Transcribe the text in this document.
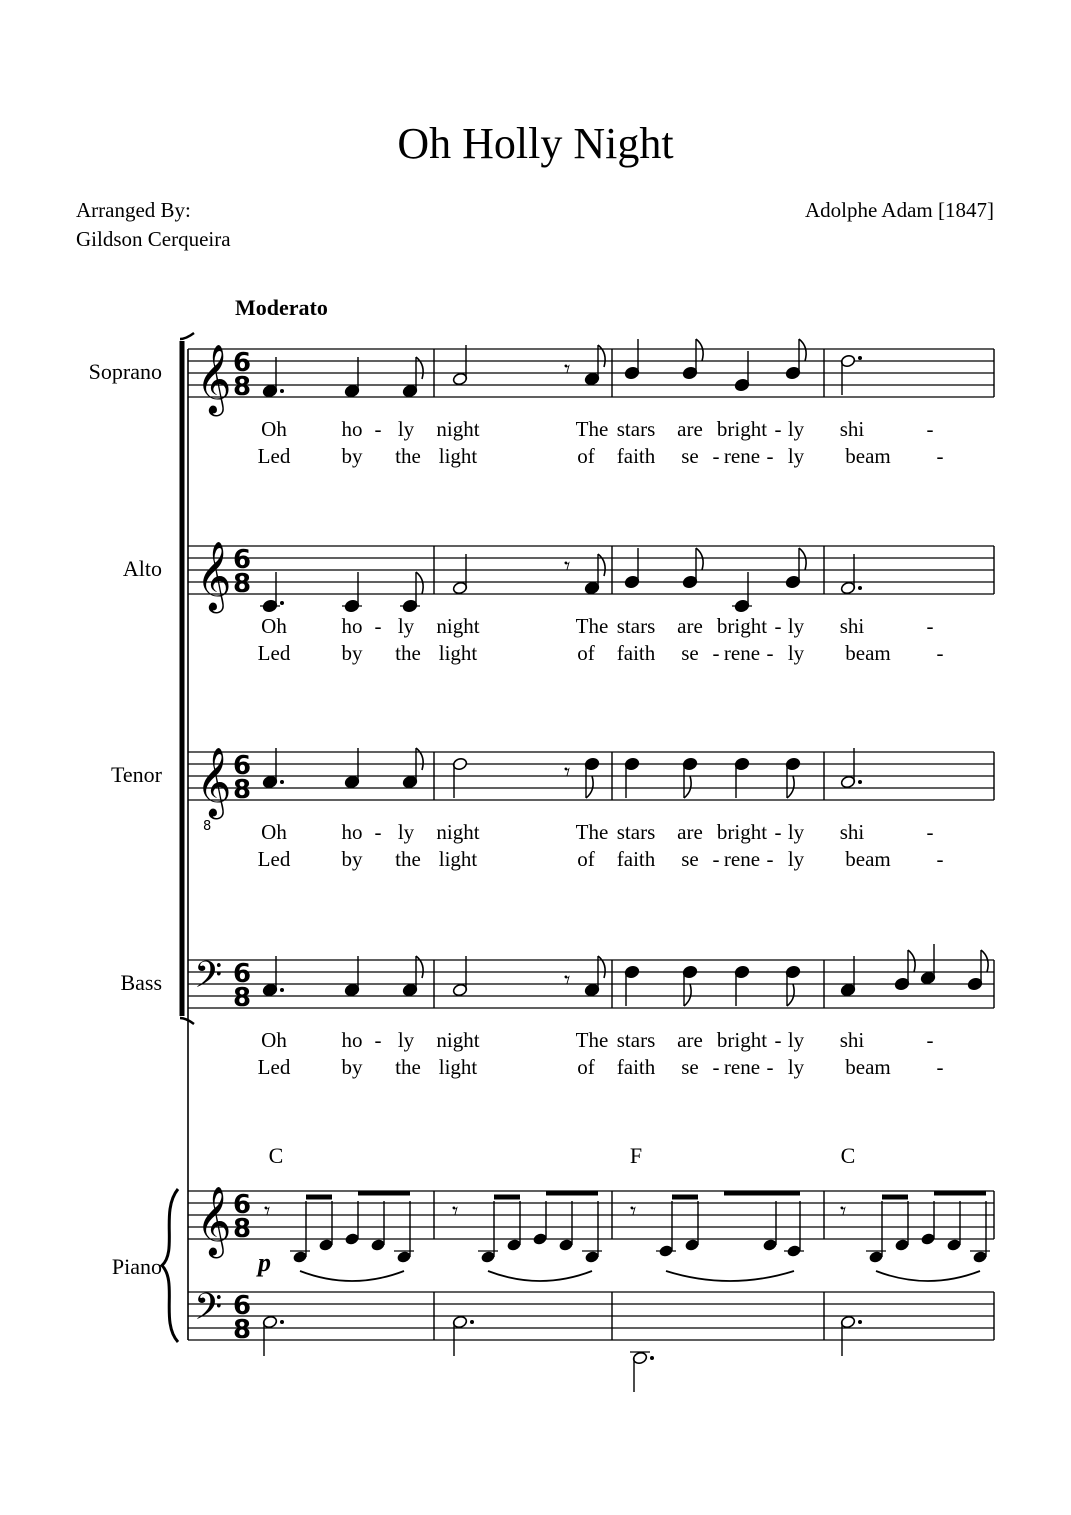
Oh Holly Night
Arranged By:
Gildson Cerqueira
Adolphe Adam [1847]
Moderato
Soprano
Alto
Tenor
Bass
Piano
𝄞 6
8
𝄞 6
8
𝄞
8
6
8
𝄢 6
8
𝄞 6
8
𝄢 6
8
𝄾
𝄾
𝄾
𝄾
𝄾	𝄾	𝄾	𝄾
p
C	F	C
Oh	ho - ly night	The stars are bright - ly shi	-
Led by the light	of faith se - rene - ly beam -
Oh	ho - ly night	The stars are bright - ly shi	-
Led by the light	of faith se - rene - ly beam -
Oh	ho - ly night	The stars are bright - ly shi	-
Led by the light	of faith se - rene - ly beam -
Oh	ho - ly night	The stars are bright - ly shi	-
Led by the light	of faith se - rene - ly beam -
